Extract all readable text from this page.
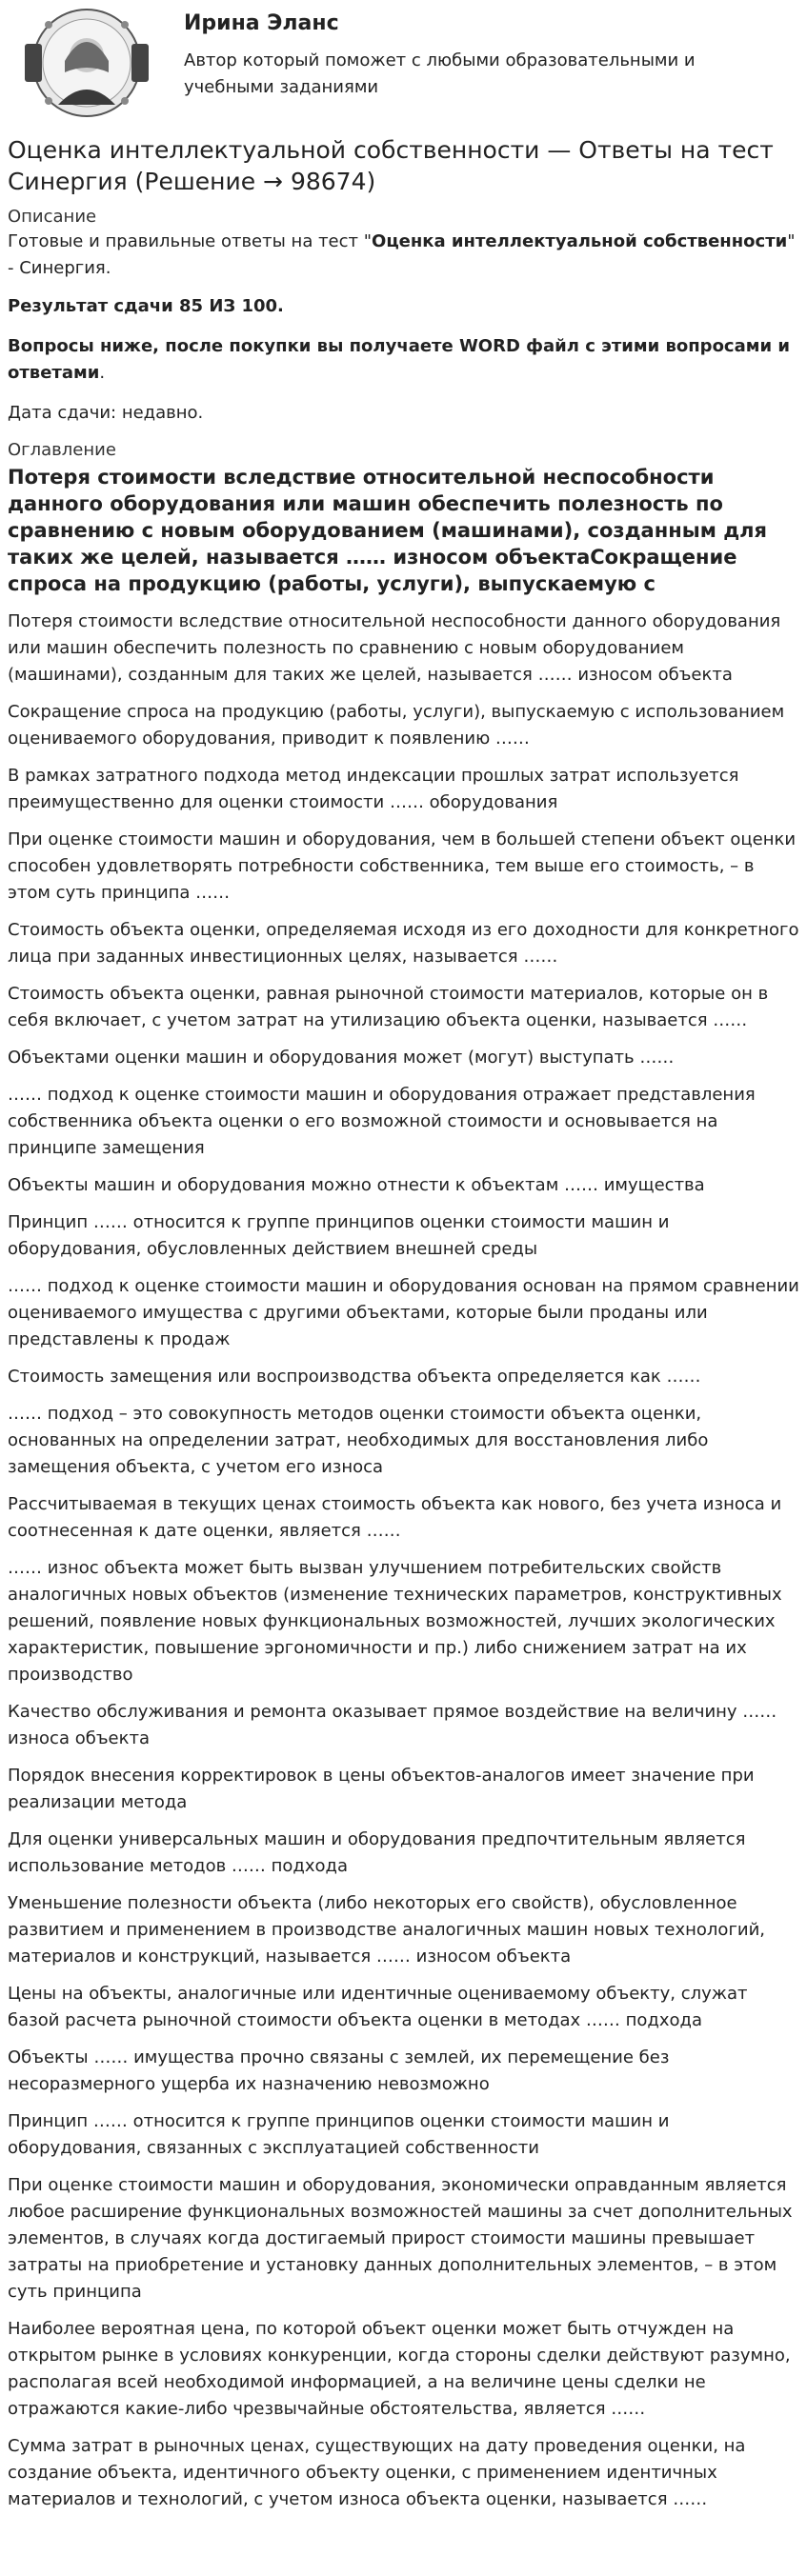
Ирина Эланс
Автор который поможет с любыми образовательными и учебными заданиями
Оценка интеллектуальной собственности — Ответы на тест Синергия (Решение → 98674)
Описание

Готовые и правильные ответы на тест "Оценка интеллектуальной собственности" - Синергия.

Результат сдачи 85 ИЗ 100.

Вопросы ниже, после покупки вы получаете WORD файл с этими вопросами и ответами.

Дата сдачи: недавно.

Оглавление
Потеря стоимости вследствие относительной неспособности данного оборудования или машин обеспечить полезность по сравнению с новым оборудованием (машинами), созданным для таких же целей, называется …… износом объектаСокращение спроса на продукцию (работы, услуги), выпускаемую с

Потеря стоимости вследствие относительной неспособности данного оборудования или машин обеспечить полезность по сравнению с новым оборудованием (машинами), созданным для таких же целей, называется …… износом объекта

Сокращение спроса на продукцию (работы, услуги), выпускаемую с использованием оцениваемого оборудования, приводит к появлению ……

В рамках затратного подхода метод индексации прошлых затрат используется преимущественно для оценки стоимости …… оборудования

При оценке стоимости машин и оборудования, чем в большей степени объект оценки способен удовлетворять потребности собственника, тем выше его стоимость, – в этом суть принципа ……

Стоимость объекта оценки, определяемая исходя из его доходности для конкретного лица при заданных инвестиционных целях, называется ……

Стоимость объекта оценки, равная рыночной стоимости материалов, которые он в себя включает, с учетом затрат на утилизацию объекта оценки, называется ……

Объектами оценки машин и оборудования может (могут) выступать ……

…… подход к оценке стоимости машин и оборудования отражает представления собственника объекта оценки о его возможной стоимости и основывается на принципе замещения

Объекты машин и оборудования можно отнести к объектам …… имущества

Принцип …… относится к группе принципов оценки стоимости машин и оборудования, обусловленных действием внешней среды

…… подход к оценке стоимости машин и оборудования основан на прямом сравнении оцениваемого имущества с другими объектами, которые были проданы или представлены к продаж

Стоимость замещения или воспроизводства объекта определяется как ……

…… подход – это совокупность методов оценки стоимости объекта оценки, основанных на определении затрат, необходимых для восстановления либо замещения объекта, с учетом его износа

Рассчитываемая в текущих ценах стоимость объекта как нового, без учета износа и соотнесенная к дате оценки, является ……

…… износ объекта может быть вызван улучшением потребительских свойств аналогичных новых объектов (изменение технических параметров, конструктивных решений, появление новых функциональных возможностей, лучших экологических характеристик, повышение эргономичности и пр.) либо снижением затрат на их производство

Качество обслуживания и ремонта оказывает прямое воздействие на величину …… износа объекта

Порядок внесения корректировок в цены объектов-аналогов имеет значение при реализации метода

Для оценки универсальных машин и оборудования предпочтительным является использование методов …… подхода

Уменьшение полезности объекта (либо некоторых его свойств), обусловленное развитием и применением в производстве аналогичных машин новых технологий, материалов и конструкций, называется …… износом объекта

Цены на объекты, аналогичные или идентичные оцениваемому объекту, служат базой расчета рыночной стоимости объекта оценки в методах …… подхода

Объекты …… имущества прочно связаны с землей, их перемещение без несоразмерного ущерба их назначению невозможно

Принцип …… относится к группе принципов оценки стоимости машин и оборудования, связанных с эксплуатацией собственности

При оценке стоимости машин и оборудования, экономически оправданным является любое расширение функциональных возможностей машины за счет дополнительных элементов, в случаях когда достигаемый прирост стоимости машины превышает затраты на приобретение и установку данных дополнительных элементов, – в этом суть принципа

Наиболее вероятная цена, по которой объект оценки может быть отчужден на открытом рынке в условиях конкуренции, когда стороны сделки действуют разумно, располагая всей необходимой информацией, а на величине цены сделки не отражаются какие-либо чрезвычайные обстоятельства, является ……

Сумма затрат в рыночных ценах, существующих на дату проведения оценки, на создание объекта, идентичного объекту оценки, с применением идентичных материалов и технологий, с учетом износа объекта оценки, называется ……
